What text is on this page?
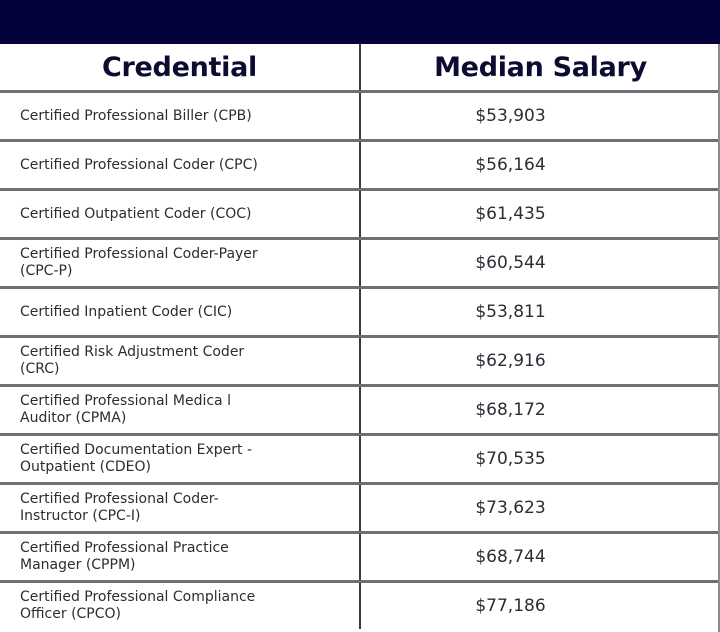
Credential	Median Salary
Certified Professional Biller (CPB)	$53,903
Certified Professional Coder (CPC)	$56,164
Certified Outpatient Coder (COC)	$61,435
Certified Professional Coder-Payer (CPC-P)	$60,544
Certified Inpatient Coder (CIC)	$53,811
Certified Risk Adjustment Coder (CRC)	$62,916
Certified Professional Medica l Auditor (CPMA)	$68,172
Certified Documentation Expert -Outpatient (CDEO)	$70,535
Certified Professional Coder-Instructor (CPC-I)	$73,623
Certified Professional Practice Manager (CPPM)	$68,744
Certified Professional Compliance Officer (CPCO)	$77,186
